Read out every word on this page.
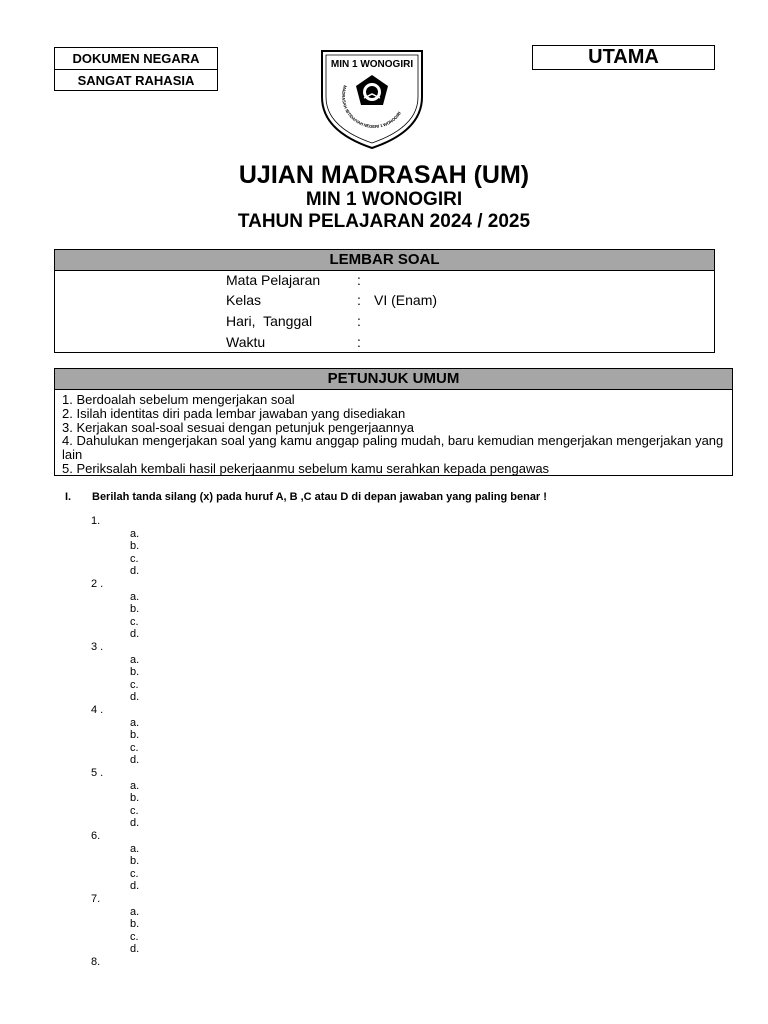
DOKUMEN NEGARA
SANGAT RAHASIA
MIN 1 WONOGIRI
MADRASAH IBTIDAIYAH NEGERI 1 WONOGIRI
UTAMA
UJIAN MADRASAH (UM)
MIN 1 WONOGIRI
TAHUN PELAJARAN 2024 / 2025
LEMBAR SOAL
Mata Pelajaran	:
Kelas	: VI (Enam)
Hari,  Tanggal	:
Waktu	:
PETUNJUK UMUM
1. Berdoalah sebelum mengerjakan soal
2. Isilah identitas diri pada lembar jawaban yang disediakan
3. Kerjakan soal-soal sesuai dengan petunjuk pengerjaannya
4. Dahulukan mengerjakan soal yang kamu anggap paling mudah, baru kemudian mengerjakan mengerjakan yang lain
5. Periksalah kembali hasil pekerjaanmu sebelum kamu serahkan kepada pengawas
I. Berilah tanda silang (x) pada huruf A, B ,C atau D di depan jawaban yang paling benar !
1.
a.
b.
c.
d.
2 .
a.
b.
c.
d.
3 .
a.
b.
c.
d.
4 .
a.
b.
c.
d.
5 .
a.
b.
c.
d.
6.
a.
b.
c.
d.
7.
a.
b.
c.
d.
8.
